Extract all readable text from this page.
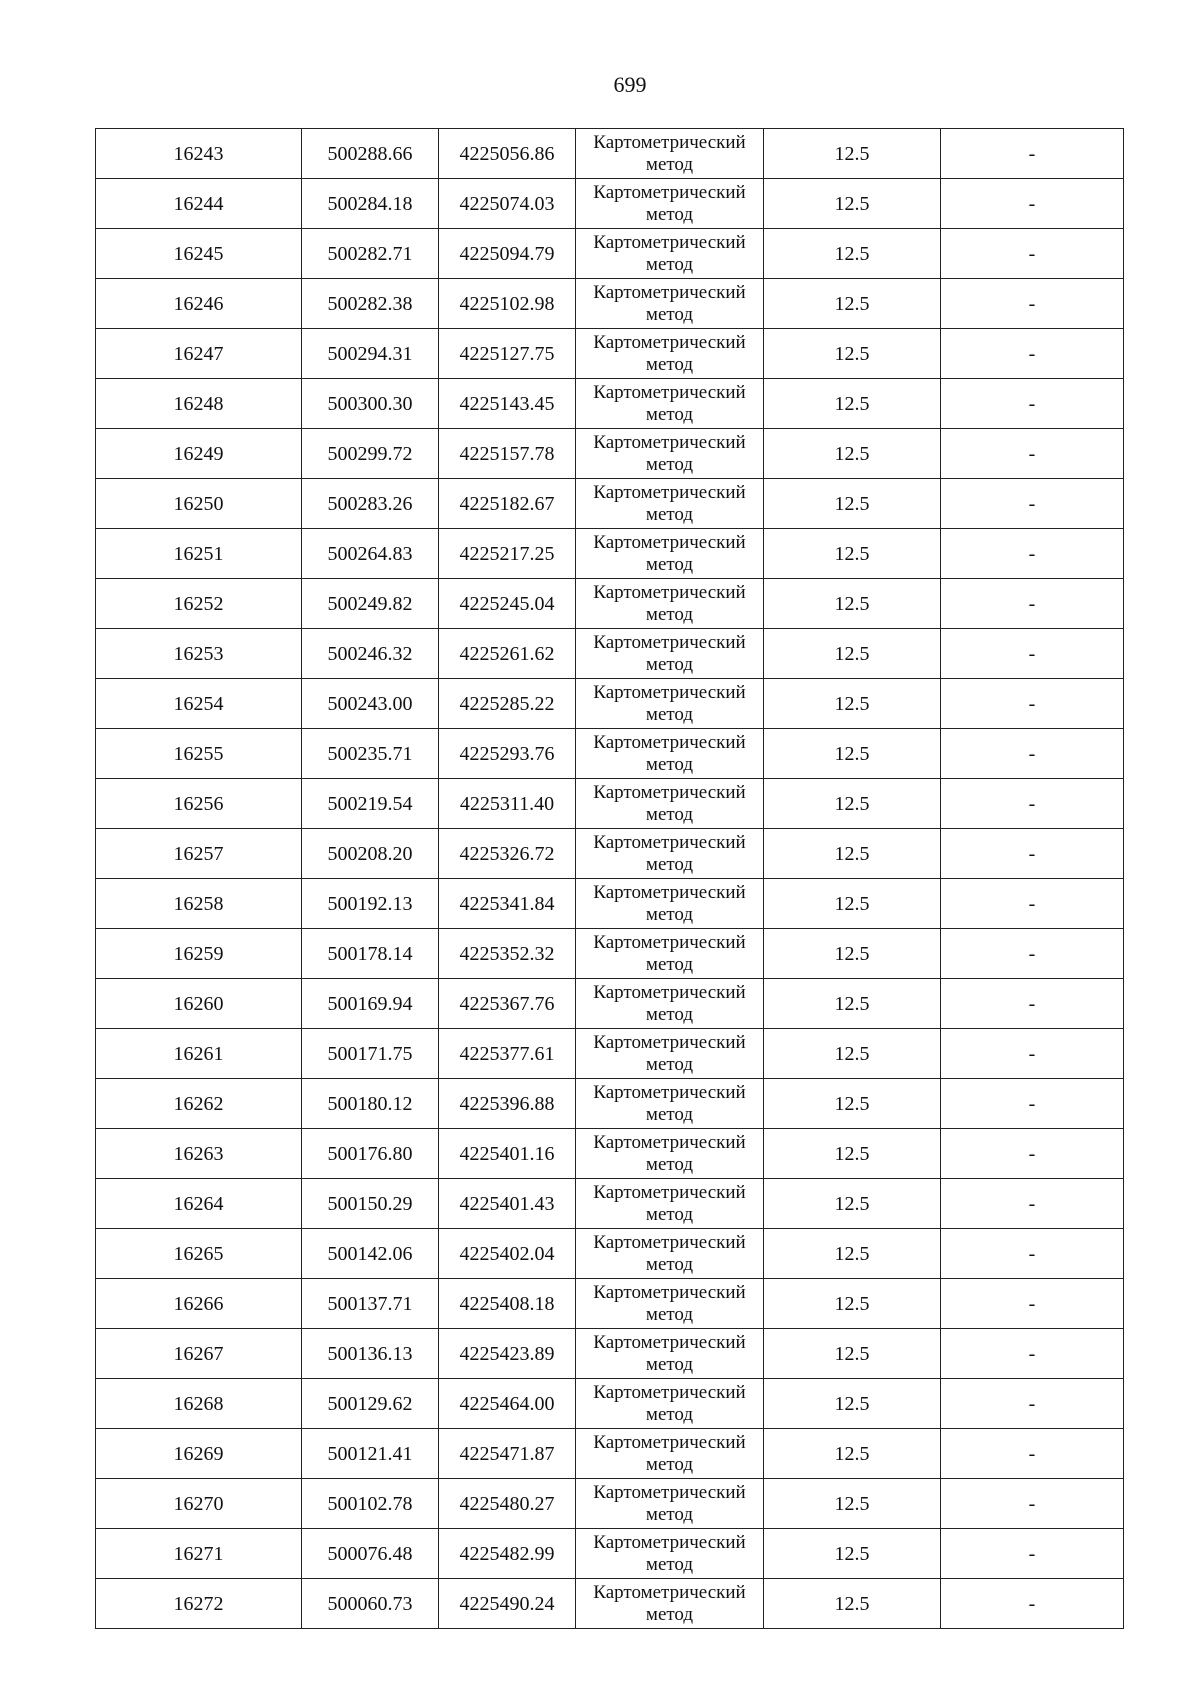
699
16243	500288.66	4225056.86	Картометрический
метод	12.5	-
16244	500284.18	4225074.03	Картометрический
метод	12.5	-
16245	500282.71	4225094.79	Картометрический
метод	12.5	-
16246	500282.38	4225102.98	Картометрический
метод	12.5	-
16247	500294.31	4225127.75	Картометрический
метод	12.5	-
16248	500300.30	4225143.45	Картометрический
метод	12.5	-
16249	500299.72	4225157.78	Картометрический
метод	12.5	-
16250	500283.26	4225182.67	Картометрический
метод	12.5	-
16251	500264.83	4225217.25	Картометрический
метод	12.5	-
16252	500249.82	4225245.04	Картометрический
метод	12.5	-
16253	500246.32	4225261.62	Картометрический
метод	12.5	-
16254	500243.00	4225285.22	Картометрический
метод	12.5	-
16255	500235.71	4225293.76	Картометрический
метод	12.5	-
16256	500219.54	4225311.40	Картометрический
метод	12.5	-
16257	500208.20	4225326.72	Картометрический
метод	12.5	-
16258	500192.13	4225341.84	Картометрический
метод	12.5	-
16259	500178.14	4225352.32	Картометрический
метод	12.5	-
16260	500169.94	4225367.76	Картометрический
метод	12.5	-
16261	500171.75	4225377.61	Картометрический
метод	12.5	-
16262	500180.12	4225396.88	Картометрический
метод	12.5	-
16263	500176.80	4225401.16	Картометрический
метод	12.5	-
16264	500150.29	4225401.43	Картометрический
метод	12.5	-
16265	500142.06	4225402.04	Картометрический
метод	12.5	-
16266	500137.71	4225408.18	Картометрический
метод	12.5	-
16267	500136.13	4225423.89	Картометрический
метод	12.5	-
16268	500129.62	4225464.00	Картометрический
метод	12.5	-
16269	500121.41	4225471.87	Картометрический
метод	12.5	-
16270	500102.78	4225480.27	Картометрический
метод	12.5	-
16271	500076.48	4225482.99	Картометрический
метод	12.5	-
16272	500060.73	4225490.24	Картометрический
метод	12.5	-
